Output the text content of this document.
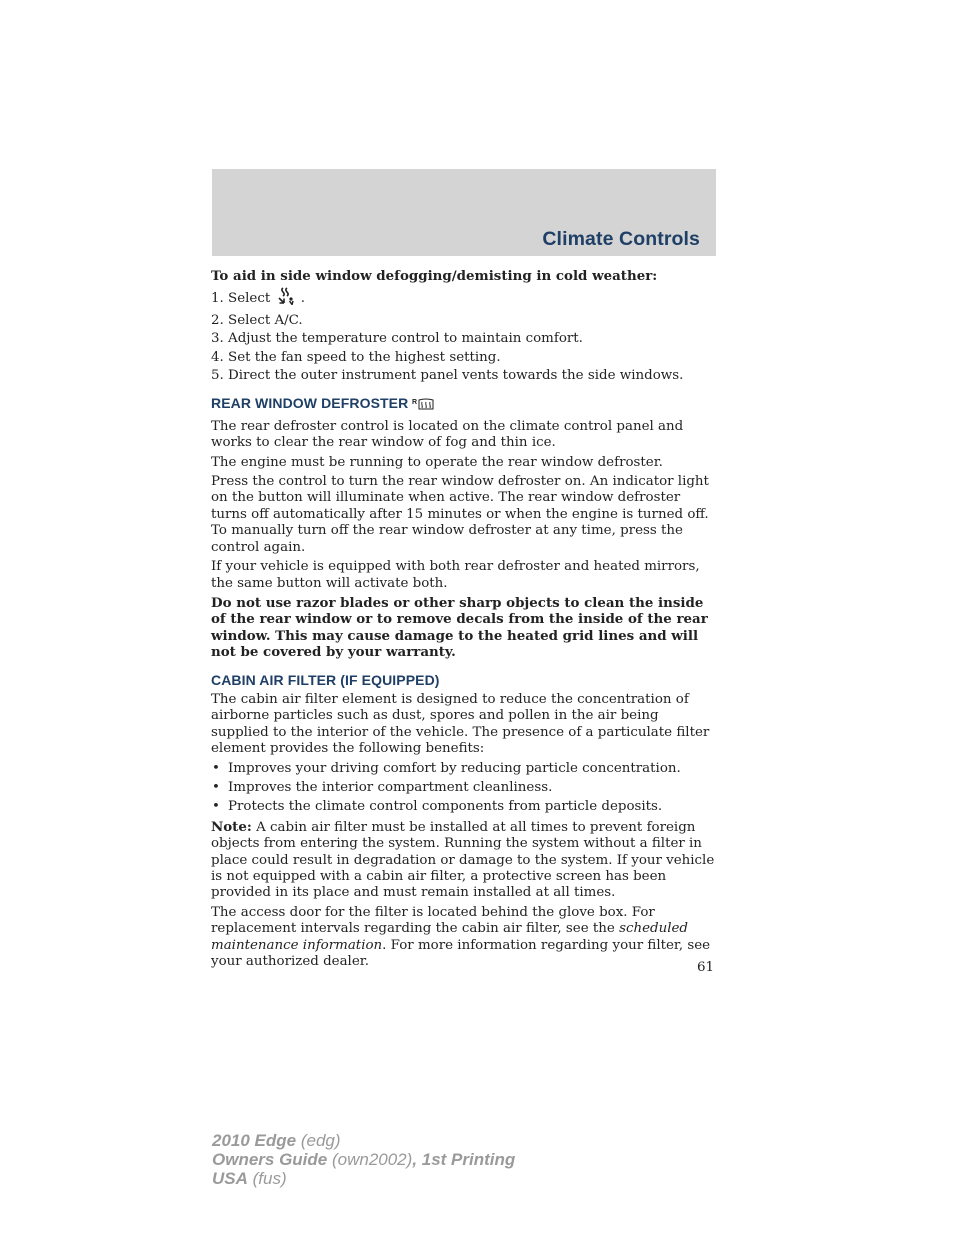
Climate Controls

To aid in side window defogging/demisting in cold weather:

1. Select .

2. Select A/C.

3. Adjust the temperature control to maintain comfort.

4. Set the fan speed to the highest setting.

5. Direct the outer instrument panel vents towards the side windows.

REAR WINDOW DEFROSTER R

The rear defroster control is located on the climate control panel and works to clear the rear window of fog and thin ice.

The engine must be running to operate the rear window defroster.

Press the control to turn the rear window defroster on. An indicator light on the button will illuminate when active. The rear window defroster turns off automatically after 15 minutes or when the engine is turned off. To manually turn off the rear window defroster at any time, press the control again.

If your vehicle is equipped with both rear defroster and heated mirrors, the same button will activate both.

Do not use razor blades or other sharp objects to clean the inside of the rear window or to remove decals from the inside of the rear window. This may cause damage to the heated grid lines and will not be covered by your warranty.

CABIN AIR FILTER (IF EQUIPPED)

The cabin air filter element is designed to reduce the concentration of airborne particles such as dust, spores and pollen in the air being supplied to the interior of the vehicle. The presence of a particulate filter element provides the following benefits:

• Improves your driving comfort by reducing particle concentration.

• Improves the interior compartment cleanliness.

• Protects the climate control components from particle deposits.

Note: A cabin air filter must be installed at all times to prevent foreign objects from entering the system. Running the system without a filter in place could result in degradation or damage to the system. If your vehicle is not equipped with a cabin air filter, a protective screen has been provided in its place and must remain installed at all times.

The access door for the filter is located behind the glove box. For replacement intervals regarding the cabin air filter, see the scheduled maintenance information. For more information regarding your filter, see your authorized dealer.	61
2010 Edge (edg)
Owners Guide (own2002), 1st Printing
USA (fus)
